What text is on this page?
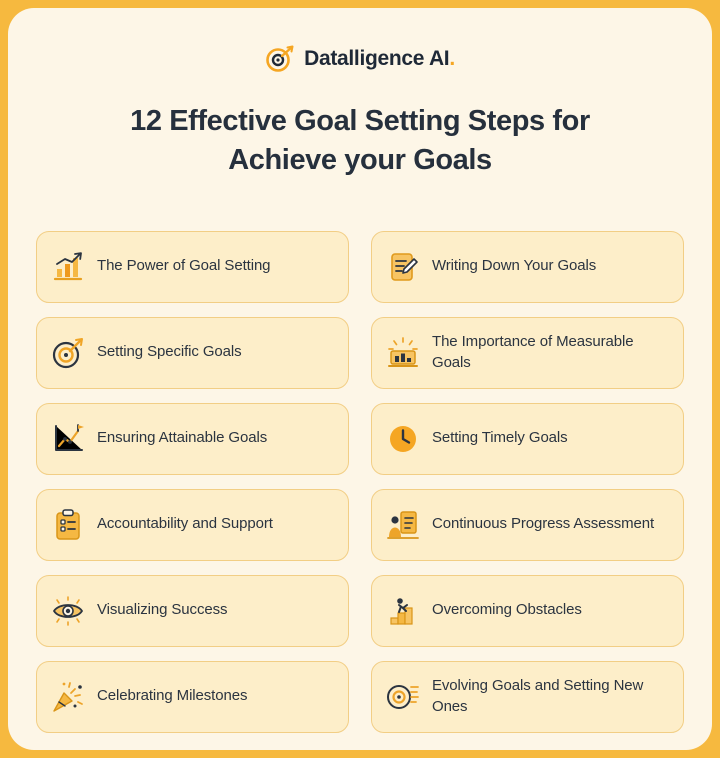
Datalligence AI.
12 Effective Goal Setting Steps for Achieve your Goals
The Power of Goal Setting	Writing Down Your Goals
Setting Specific Goals
The Importance of Measurable Goals
Ensuring Attainable Goals	Setting Timely Goals
Accountability and Support	Continuous Progress Assessment
Visualizing Success	Overcoming Obstacles
Celebrating Milestones
Evolving Goals and Setting New Ones
